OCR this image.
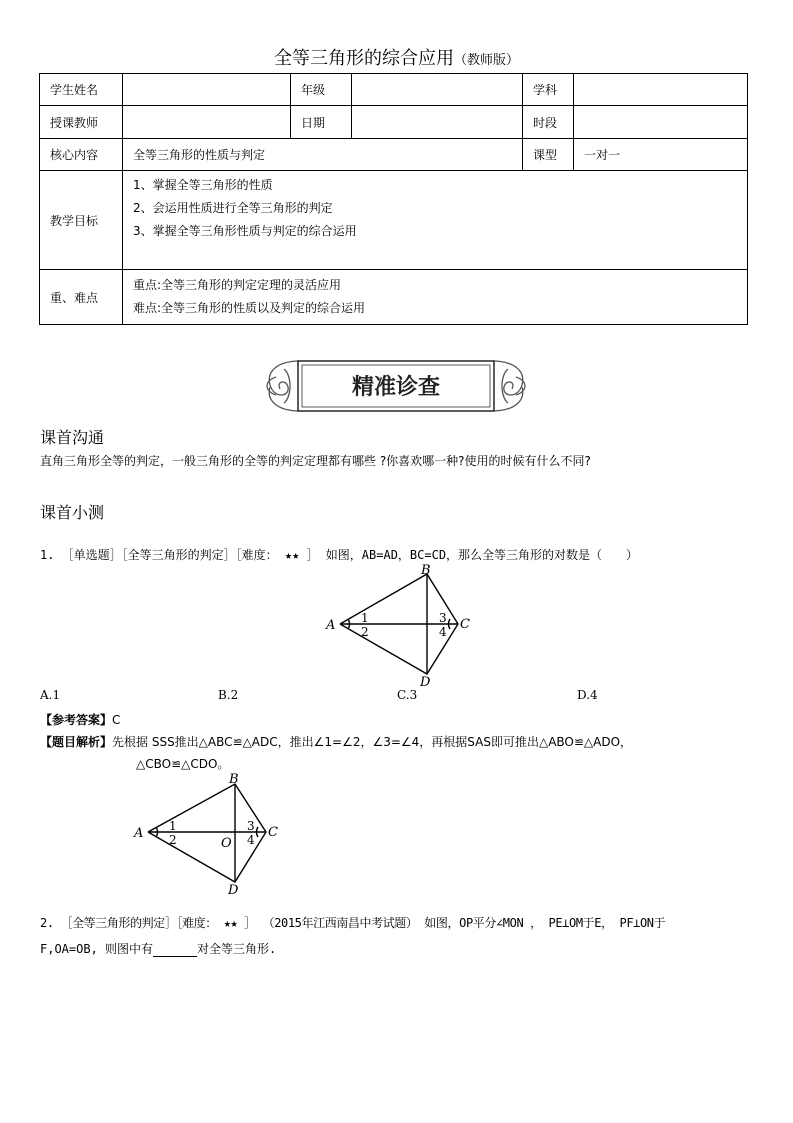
全等三角形的综合应用（教师版）
学生姓名		年级		学科	
授课教师		日期		时段	
核心内容	全等三角形的性质与判定			课型	一对一
教学目标	1、掌握全等三角形的性质
2、会运用性质进行全等三角形的判定
3、掌握全等三角形性质与判定的综合运用				

重、难点	重点:全等三角形的判定定理的灵活应用
难点:全等三角形的性质以及判定的综合运用				
精准诊查
课首沟通
直角三角形全等的判定，一般三角形的全等的判定定理都有哪些 ?你喜欢哪一种?使用的时候有什么不同?
课首小测
1. ［单选题］［全等三角形的判定］［难度： ★★ ］ 如图，AB=AD，BC=CD，那么全等三角形的对数是（　　）
A
B
C
D
1
2
3
4
A.1	B.2	C.3	D.4
【参考答案】C
【题目解析】先根据 SSS推出△ABC≌△ADC，推出∠1=∠2，∠3=∠4，再根据SAS即可推出△ABO≌△ADO，
△CBO≌△CDO。
A
B
C
D
O
1
2
3
4
2. ［全等三角形的判定］［难度： ★★ ］ （2015年江西南昌中考试题） 如图，OP平分∠MON ， PE⊥OM于E， PF⊥ON于
F,OA=OB, 则图中有	对全等三角形.
